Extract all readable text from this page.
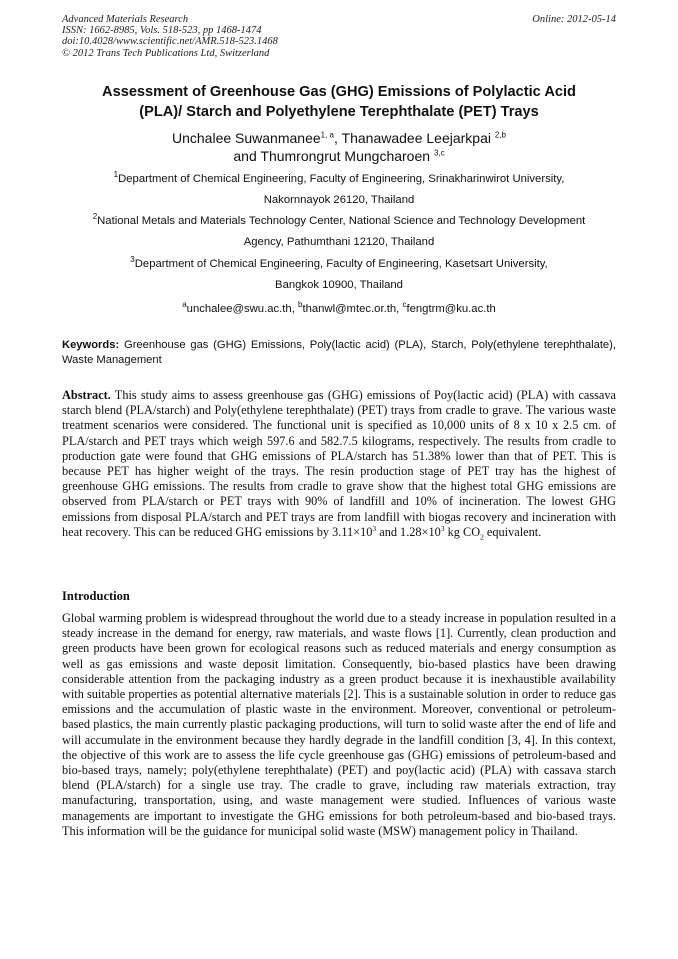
Advanced Materials Research
ISSN: 1662-8985, Vols. 518-523, pp 1468-1474
doi:10.4028/www.scientific.net/AMR.518-523.1468
© 2012 Trans Tech Publications Ltd, Switzerland
Online: 2012-05-14
Assessment of Greenhouse Gas (GHG) Emissions of Polylactic Acid
(PLA)/ Starch and Polyethylene Terephthalate (PET) Trays
Unchalee Suwanmanee$^{1, a}$, Thanawadee Leejarkpai $^{2,b}$
and Thumrongrut Mungcharoen $^{3,c}$
$^1$Department of Chemical Engineering, Faculty of Engineering, Srinakharinwirot University,
Nakornnayok 26120, Thailand
$^2$National Metals and Materials Technology Center, National Science and Technology Development
Agency, Pathumthani 12120, Thailand
$^3$Department of Chemical Engineering, Faculty of Engineering, Kasetsart University,
Bangkok 10900, Thailand
$^a$unchalee@swu.ac.th, $^b$thanwl@mtec.or.th, $^c$fengtrm@ku.ac.th
Keywords: Greenhouse gas (GHG) Emissions, Poly(lactic acid) (PLA), Starch, Poly(ethylene terephthalate), Waste Management
Abstract. This study aims to assess greenhouse gas (GHG) emissions of Poy(lactic acid) (PLA) with cassava starch blend (PLA/starch) and Poly(ethylene terephthalate) (PET) trays from cradle to grave. The various waste treatment scenarios were considered. The functional unit is specified as 10,000 units of 8 x 10 x 2.5 cm. of PLA/starch and PET trays which weigh 597.6 and 582.7.5 kilograms, respectively. The results from cradle to production gate were found that GHG emissions of PLA/starch has 51.38% lower than that of PET. This is because PET has higher weight of the trays. The resin production stage of PET tray has the highest of greenhouse GHG emissions. The results from cradle to grave show that the highest total GHG emissions are observed from PLA/starch or PET trays with 90% of landfill and 10% of incineration. The lowest GHG emissions from disposal PLA/starch and PET trays are from landfill with biogas recovery and incineration with heat recovery. This can be reduced GHG emissions by $3.11\times 10^3$ and $1.28\times 10^3$ kg $CO_2$ equivalent.
Introduction
Global warming problem is widespread throughout the world due to a steady increase in population resulted in a steady increase in the demand for energy, raw materials, and waste flows [1]. Currently, clean production and green products have been grown for ecological reasons such as reduced materials and energy consumption as well as gas emissions and waste deposit limitation. Consequently, bio-based plastics have been drawing considerable attention from the packaging industry as a green product because it is inexhaustible availability with suitable properties as potential alternative materials [2]. This is a sustainable solution in order to reduce gas emissions and the accumulation of plastic waste in the environment. Moreover, conventional or petroleum-based plastics, the main currently plastic packaging productions, will turn to solid waste after the end of life and will accumulate in the environment because they hardly degrade in the landfill condition [3, 4]. In this context, the objective of this work are to assess the life cycle greenhouse gas (GHG) emissions of petroleum-based and bio-based trays, namely; poly(ethylene terephthalate) (PET) and poy(lactic acid) (PLA) with cassava starch blend (PLA/starch) for a single use tray. The cradle to grave, including raw materials extraction, tray manufacturing, transportation, using, and waste management were studied. Influences of various waste managements are important to investigate the GHG emissions for both petroleum-based and bio-based trays. This information will be the guidance for municipal solid waste (MSW) management policy in Thailand.
